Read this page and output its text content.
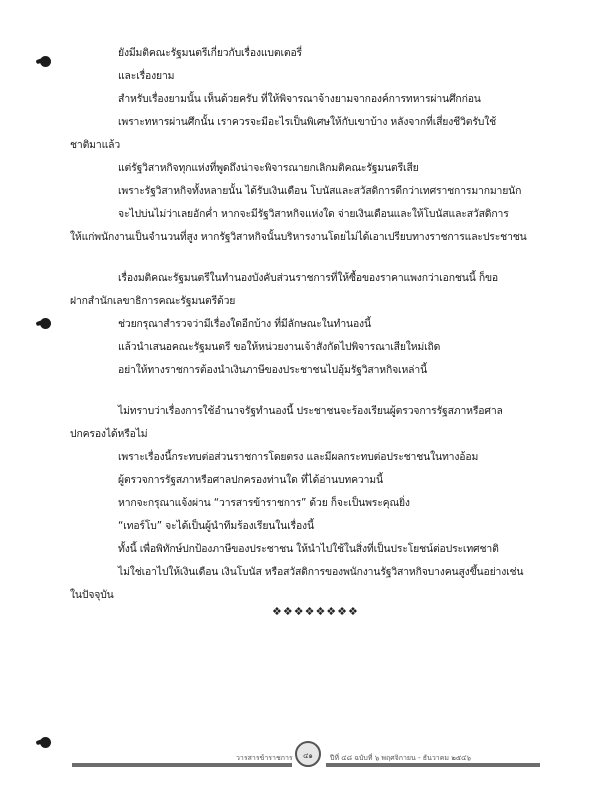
ยังมีมติคณะรัฐมนตรีเกี่ยวกับเรื่องแบตเตอรี่
และเรื่องยาม
สำหรับเรื่องยามนั้น เห็นด้วยครับ ที่ให้พิจารณาจ้างยามจากองค์การทหารผ่านศึกก่อน
เพราะทหารผ่านศึกนั้น เราควรจะมีอะไรเป็นพิเศษให้กับเขาบ้าง หลังจากที่เสี่ยงชีวิตรับใช้
ชาติมาแล้ว
แต่รัฐวิสาหกิจทุกแห่งที่พูดถึงน่าจะพิจารณายกเลิกมติคณะรัฐมนตรีเสีย
เพราะรัฐวิสาหกิจทั้งหลายนั้น ได้รับเงินเดือน โบนัสและสวัสดิการดีกว่าเทศราชการมากมายนัก
จะไปบ่นไม่ว่าเลยอักค่ำ หากจะมีรัฐวิสาหกิจแห่งใด จ่ายเงินเดือนและให้โบนัสและสวัสดิการ
ให้แก่พนักงานเป็นจำนวนที่สูง หากรัฐวิสาหกิจนั้นบริหารงานโดยไม่ได้เอาเปรียบทางราชการและประชาชน
เรื่องมติคณะรัฐมนตรีในทำนองบังคับส่วนราชการที่ให้ซื้อของราคาแพงกว่าเอกชนนี้ ก็ขอ
ฝากสำนักเลขาธิการคณะรัฐมนตรีด้วย
ช่วยกรุณาสำรวจว่ามีเรื่องใดอีกบ้าง ที่มีลักษณะในทำนองนี้
แล้วนำเสนอคณะรัฐมนตรี ขอให้หน่วยงานเจ้าสังกัดไปพิจารณาเสียใหม่เถิด
อย่าให้ทางราชการต้องนำเงินภาษีของประชาชนไปอุ้มรัฐวิสาหกิจเหล่านี้
ไม่ทราบว่าเรื่องการใช้อำนาจรัฐทำนองนี้ ประชาชนจะร้องเรียนผู้ตรวจการรัฐสภาหรือศาล
ปกครองได้หรือไม่
เพราะเรื่องนี้กระทบต่อส่วนราชการโดยตรง และมีผลกระทบต่อประชาชนในทางอ้อม
ผู้ตรวจการรัฐสภาหรือศาลปกครองท่านใด ที่ได้อ่านบทความนี้
หากจะกรุณาแจ้งผ่าน “วารสารข้าราชการ” ด้วย ก็จะเป็นพระคุณยิ่ง
“เทอร์โบ” จะได้เป็นผู้นำทีมร้องเรียนในเรื่องนี้
ทั้งนี้ เพื่อพิทักษ์ปกป้องภาษีของประชาชน ให้นำไปใช้ในสิ่งที่เป็นประโยชน์ต่อประเทศชาติ
ไม่ใช่เอาไปให้เงินเดือน เงินโบนัส หรือสวัสดิการของพนักงานรัฐวิสาหกิจบางคนสูงขึ้นอย่างเช่น
ในปัจจุบัน
❖❖❖❖❖❖❖❖
วารสารข้าราชการ	๔๑	ปีที่ ๔๘ ฉบับที่ ๖ พฤศจิกายน - ธันวาคม ๒๕๔๖
